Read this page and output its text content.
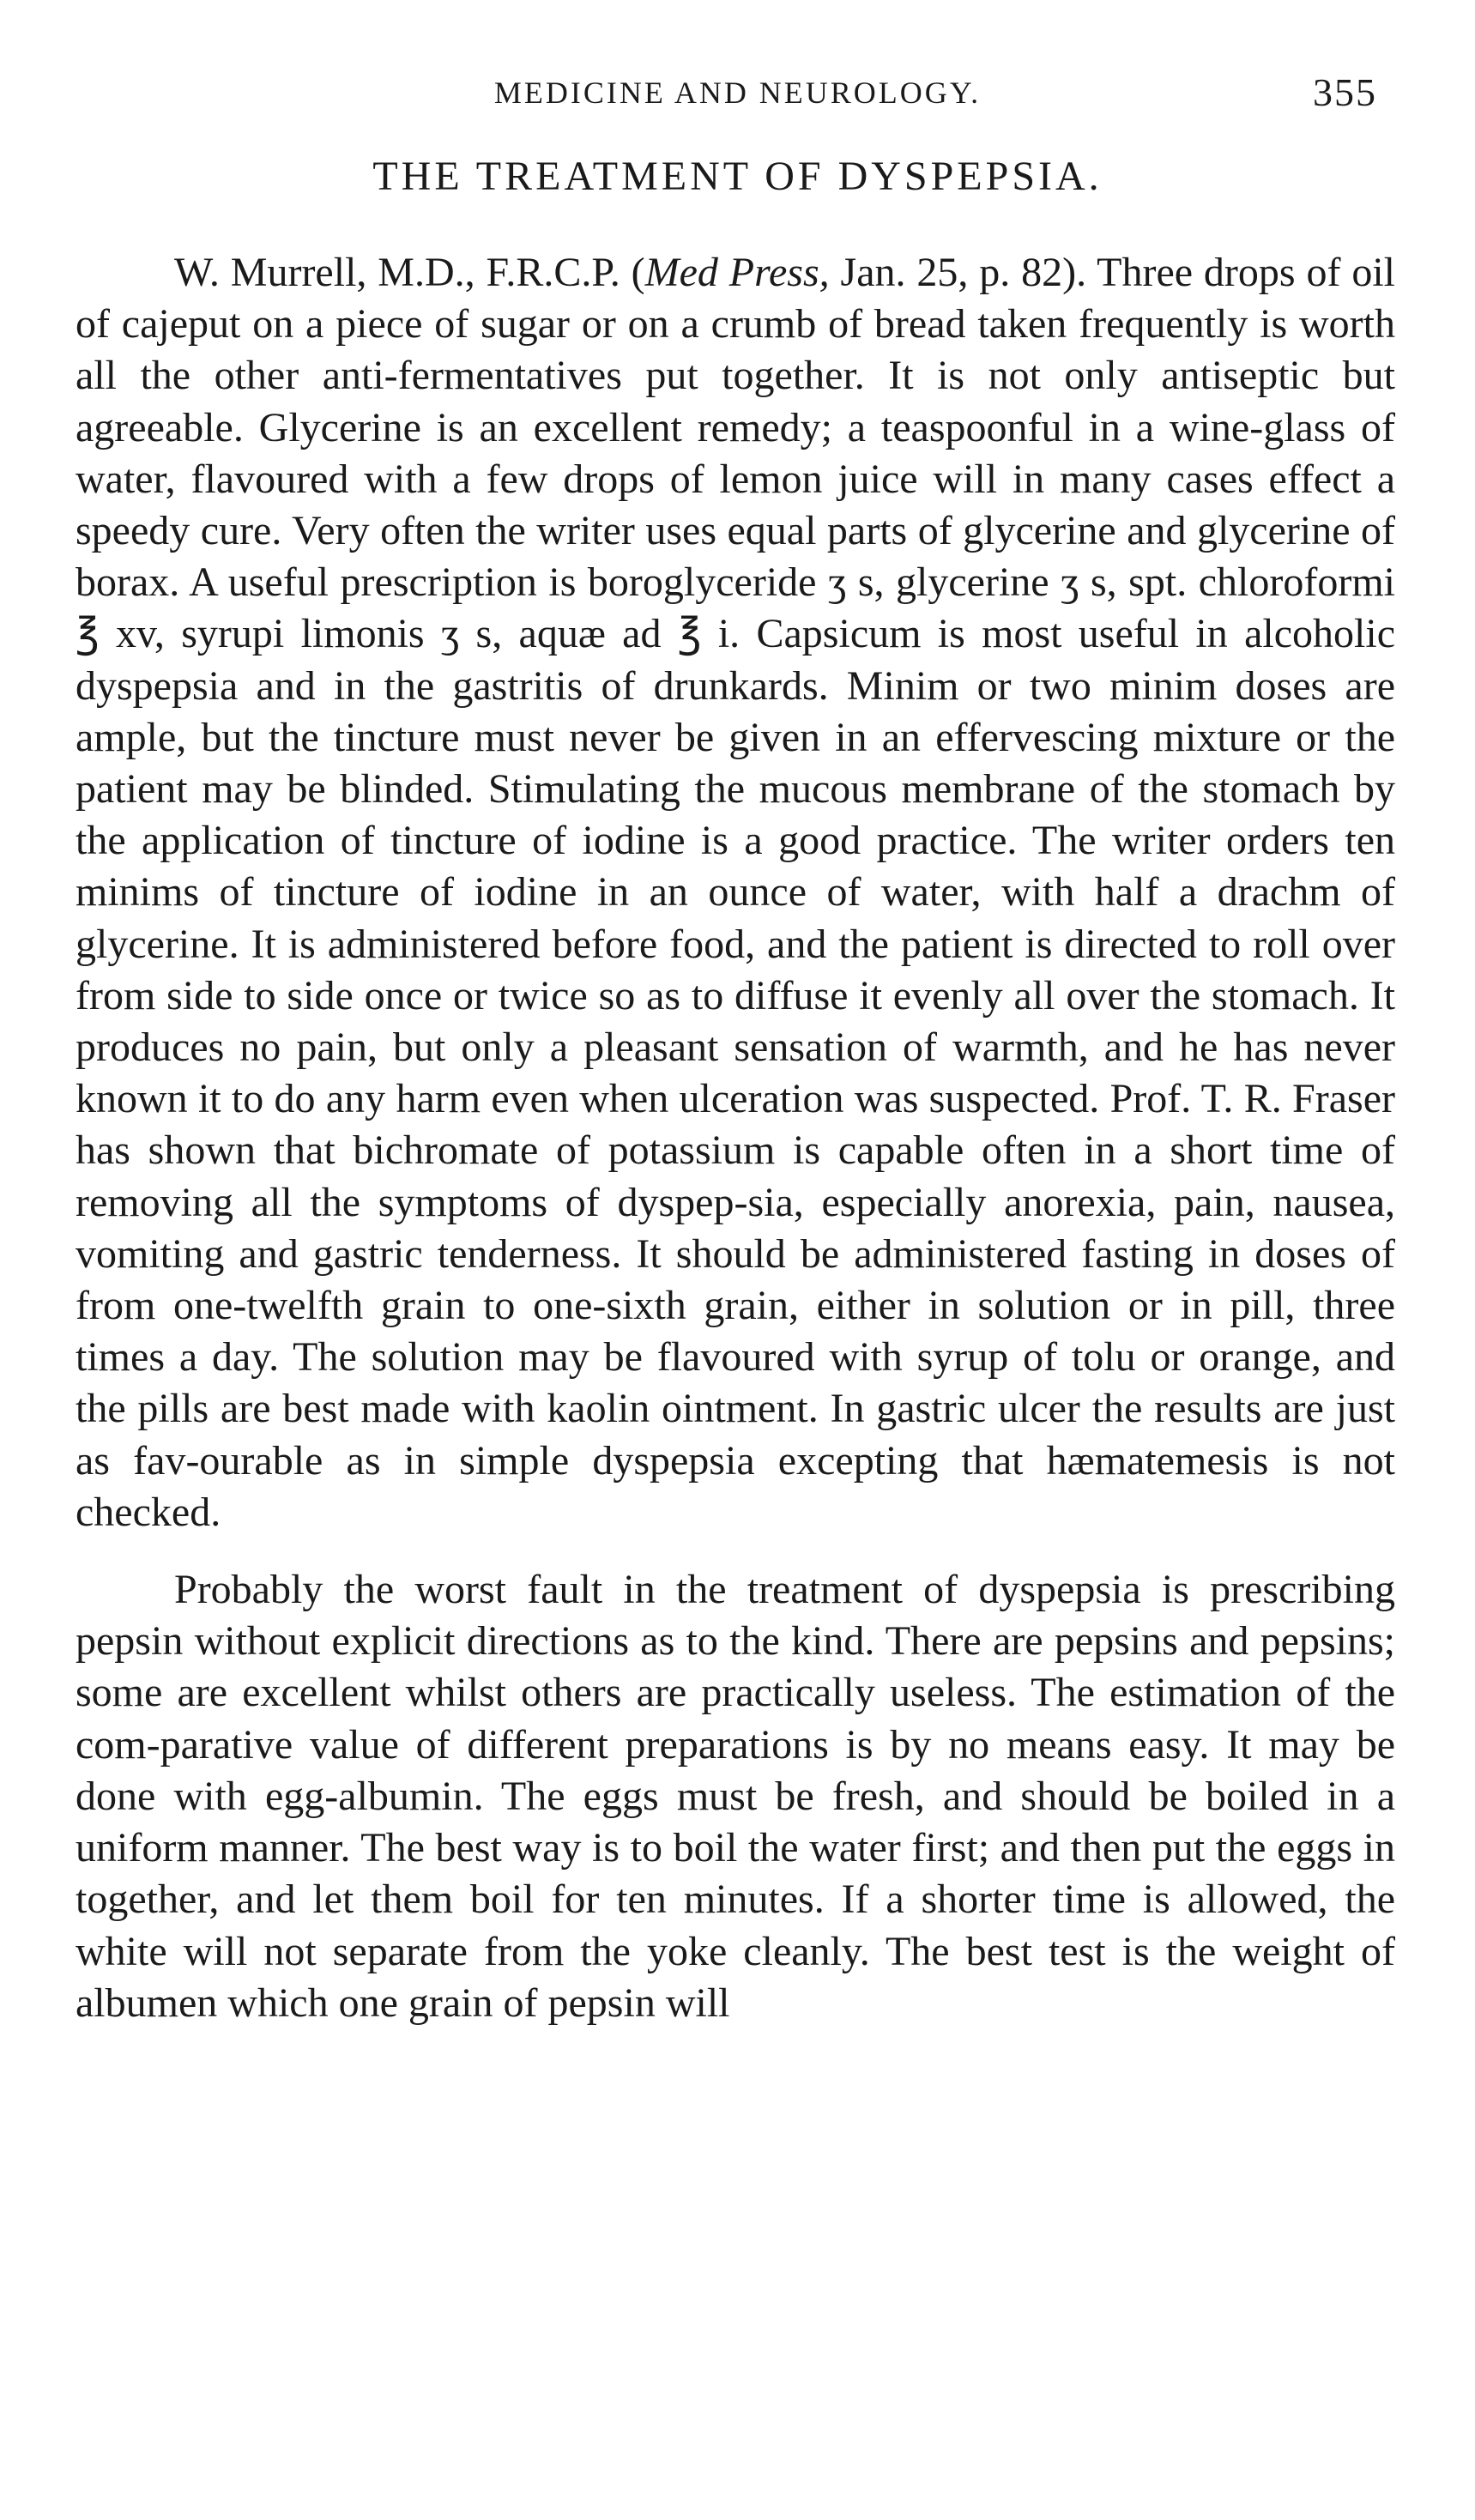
MEDICINE AND NEUROLOGY.	355
THE TREATMENT OF DYSPEPSIA.

W. Murrell, M.D., F.R.C.P. (Med Press, Jan. 25, p. 82). Three drops of oil of cajeput on a piece of sugar or on a crumb of bread taken frequently is worth all the other anti-fermentatives put together. It is not only antiseptic but agreeable. Glycerine is an excellent remedy; a teaspoonful in a wine-glass of water, flavoured with a few drops of lemon juice will in many cases effect a speedy cure. Very often the writer uses equal parts of glycerine and glycerine of borax. A useful prescription is boroglyceride ʒ s, glycerine ʒ s, spt. chloroformi ℥ xv, syrupi limonis ʒ s, aquæ ad ℥ i. Capsicum is most useful in alcoholic dyspepsia and in the gastritis of drunkards. Minim or two minim doses are ample, but the tincture must never be given in an effervescing mixture or the patient may be blinded. Stimulating the mucous membrane of the stomach by the application of tincture of iodine is a good practice. The writer orders ten minims of tincture of iodine in an ounce of water, with half a drachm of glycerine. It is administered before food, and the patient is directed to roll over from side to side once or twice so as to diffuse it evenly all over the stomach. It produces no pain, but only a pleasant sensation of warmth, and he has never known it to do any harm even when ulceration was suspected. Prof. T. R. Fraser has shown that bichromate of potassium is capable often in a short time of removing all the symptoms of dyspep-sia, especially anorexia, pain, nausea, vomiting and gastric tenderness. It should be administered fasting in doses of from one-twelfth grain to one-sixth grain, either in solution or in pill, three times a day. The solution may be flavoured with syrup of tolu or orange, and the pills are best made with kaolin ointment. In gastric ulcer the results are just as fav-ourable as in simple dyspepsia excepting that hæmatemesis is not checked.

Probably the worst fault in the treatment of dyspepsia is prescribing pepsin without explicit directions as to the kind. There are pepsins and pepsins; some are excellent whilst others are practically useless. The estimation of the com-parative value of different preparations is by no means easy. It may be done with egg-albumin. The eggs must be fresh, and should be boiled in a uniform manner. The best way is to boil the water first; and then put the eggs in together, and let them boil for ten minutes. If a shorter time is allowed, the white will not separate from the yoke cleanly. The best test is the weight of albumen which one grain of pepsin will
